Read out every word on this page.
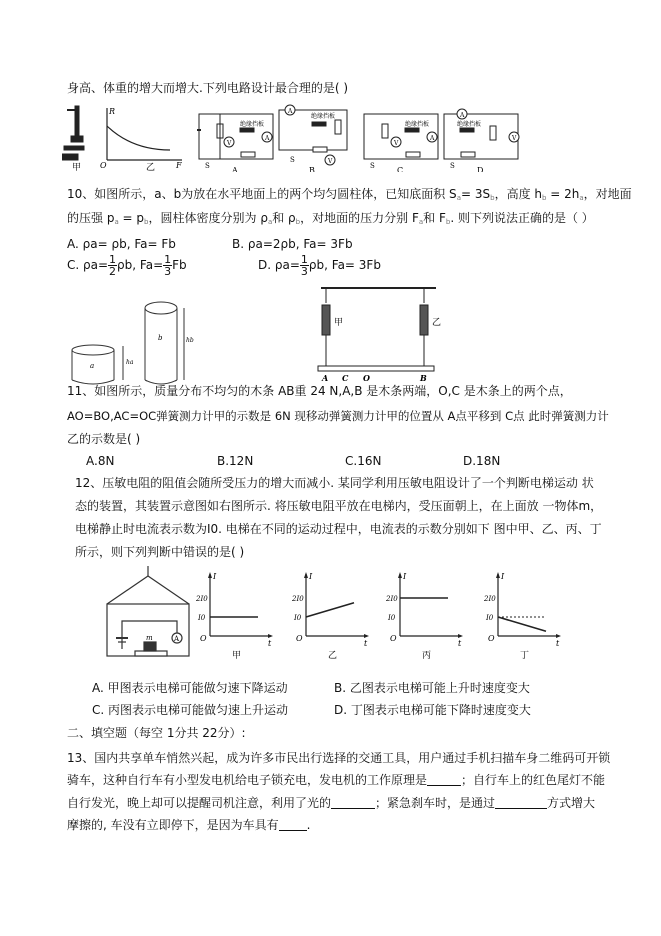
身高、体重的增大而增大.下列电路设计最合理的是( )
甲
R
O	F
乙
绝缘挡板
V
A
S	A
绝缘挡板
A
V
S
B
绝缘挡板
V
A
S	C
绝缘挡板
A
V
S	D
10、如图所示，a、b为放在水平地面上的两个均匀圆柱体，已知底面积 $S_a= 3S_b$，高度 $h_b = 2h_a$，对地面
的压强 $p_a = p_b$，圆柱体密度分别为 $\rho_a$和 $\rho_b$，对地面的压力分别 $F_a$和 $F_b$. 则下列说法正确的是（ ）
A. ρa= ρb, Fa= Fb	B. ρa=2ρb, Fa= 3Fb
C. $\rho a= \frac{1}{2} \rho b$, $Fa= \frac{1}{3}$ Fb	D. $\rho a= \frac{1}{3} \rho b$, Fa= 3Fb
a	ha
b	hb
甲	乙
A C O	B
11、如图所示，质量分布不均匀的木条 AB重 24 N,A,B 是木条两端，O,C 是木条上的两个点，
AO=BO,AC=OC弹簧测力计甲的示数是 6N 现移动弹簧测力计甲的位置从 A点平移到 C点 此时弹簧测力计
乙的示数是( )
A.8N	B.12N	C.16N	D.18N
12、压敏电阻的阻值会随所受压力的增大而减小. 某同学利用压敏电阻设计了一个判断电梯运动 状
态的装置，其装置示意图如右图所示. 将压敏电阻平放在电梯内，受压面朝上，在上面放 一物体m，
电梯静止时电流表示数为I0. 电梯在不同的运动过程中，电流表的示数分别如下 图中甲、乙、丙、丁
所示，则下列判断中错误的是( )
m	A
I
t
O
2I0
I0
甲
I
t
O
2I0
I0
乙
I
t
O
2I0
I0
丙
I
t
O
2I0
I0
丁
A. 甲图表示电梯可能做匀速下降运动	B. 乙图表示电梯可能上升时速度变大
C. 丙图表示电梯可能做匀速上升运动	D. 丁图表示电梯可能下降时速度变大
二、填空题（每空 1分共 22分）:
13、国内共享单车悄然兴起，成为许多市民出行选择的交通工具，用户通过手机扫描车身二维码可开锁
骑车，这种自行车有小型发电机给电子锁充电，发电机的工作原理是	；自行车上的红色尾灯不能
自行发光，晚上却可以提醒司机注意，利用了光的	；紧急刹车时，是通过	方式增大
摩擦的, 车没有立即停下，是因为车具有 .
